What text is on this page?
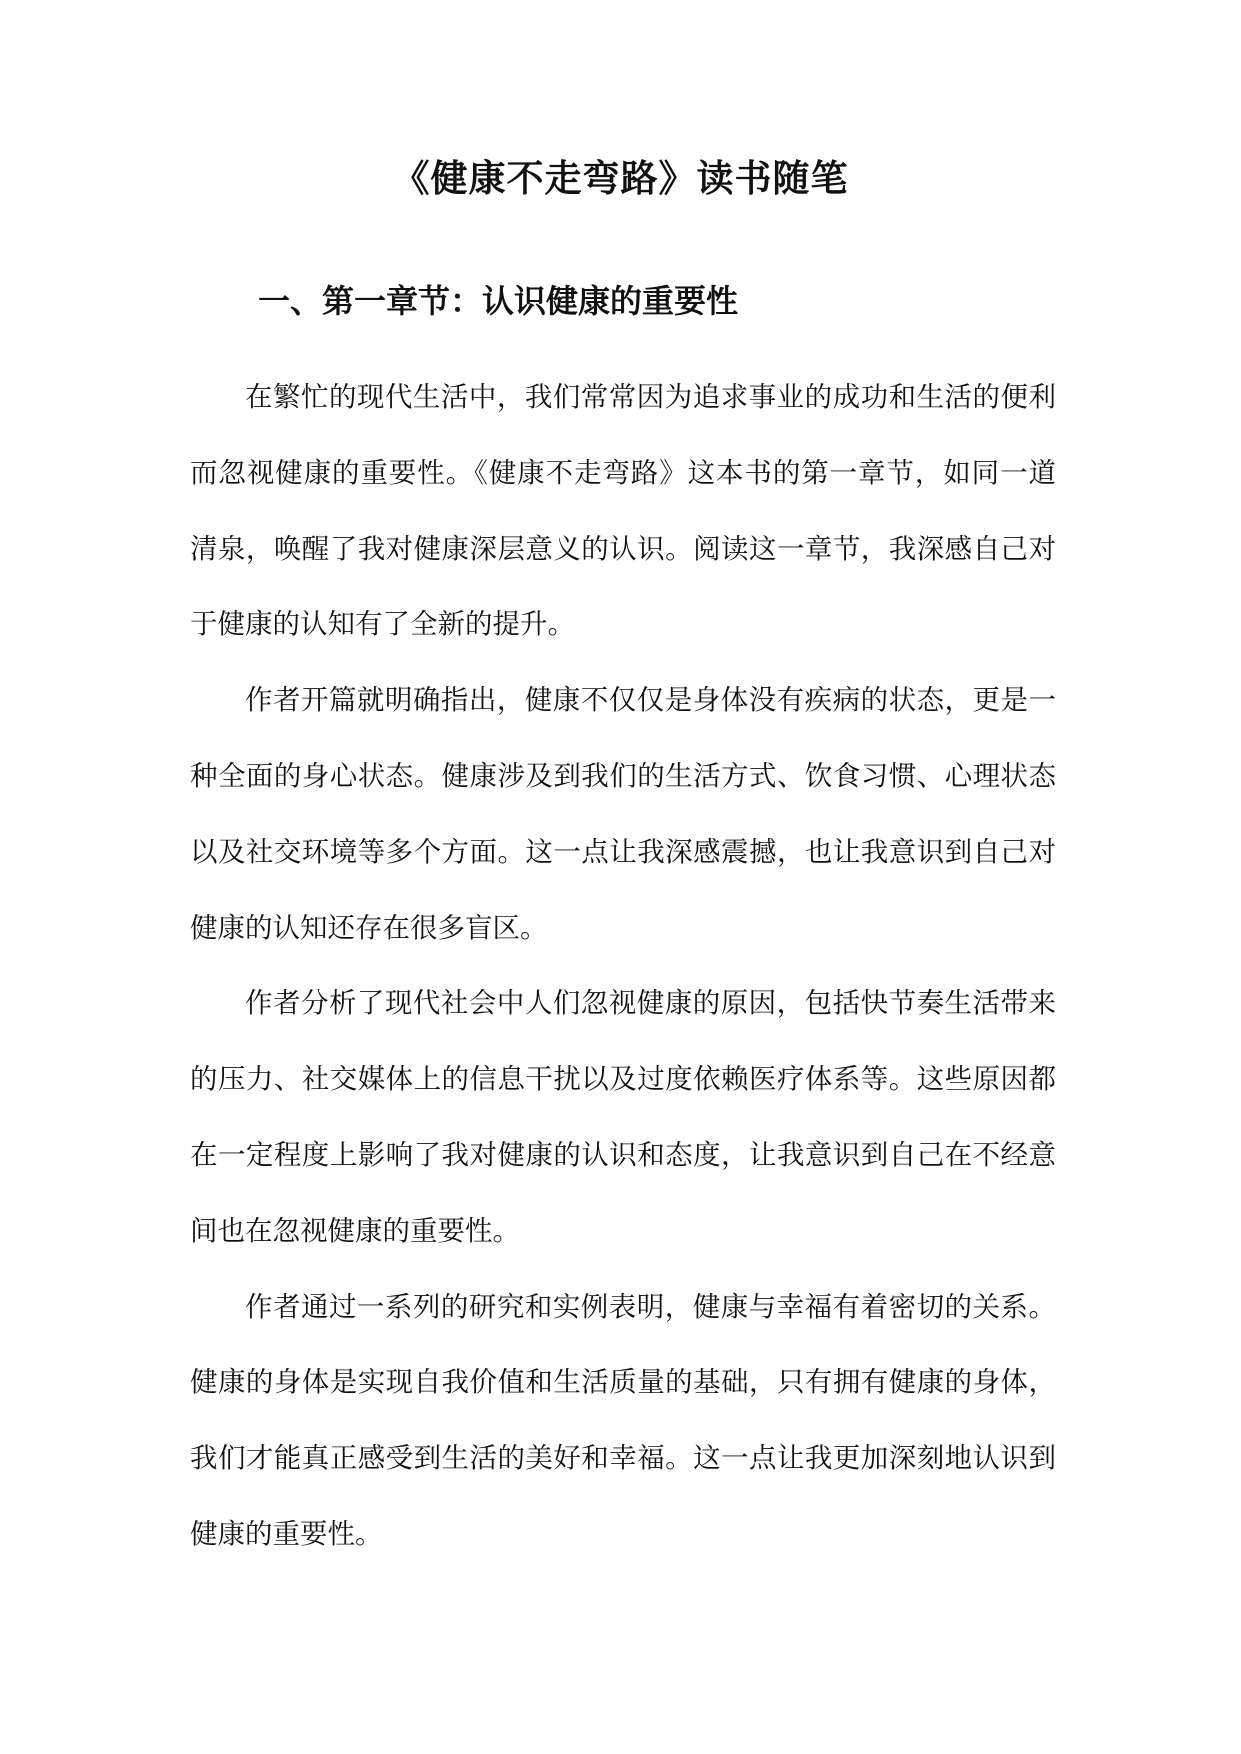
《健康不走弯路》读书随笔
一、第一章节：认识健康的重要性

在繁忙的现代生活中，我们常常因为追求事业的成功和生活的便利而忽视健康的重要性。《健康不走弯路》这本书的第一章节，如同一道清泉，唤醒了我对健康深层意义的认识。阅读这一章节，我深感自己对于健康的认知有了全新的提升。

作者开篇就明确指出，健康不仅仅是身体没有疾病的状态，更是一种全面的身心状态。健康涉及到我们的生活方式、饮食习惯、心理状态以及社交环境等多个方面。这一点让我深感震撼，也让我意识到自己对健康的认知还存在很多盲区。

作者分析了现代社会中人们忽视健康的原因，包括快节奏生活带来的压力、社交媒体上的信息干扰以及过度依赖医疗体系等。这些原因都在一定程度上影响了我对健康的认识和态度，让我意识到自己在不经意间也在忽视健康的重要性。

作者通过一系列的研究和实例表明，健康与幸福有着密切的关系。健康的身体是实现自我价值和生活质量的基础，只有拥有健康的身体，我们才能真正感受到生活的美好和幸福。这一点让我更加深刻地认识到健康的重要性。
